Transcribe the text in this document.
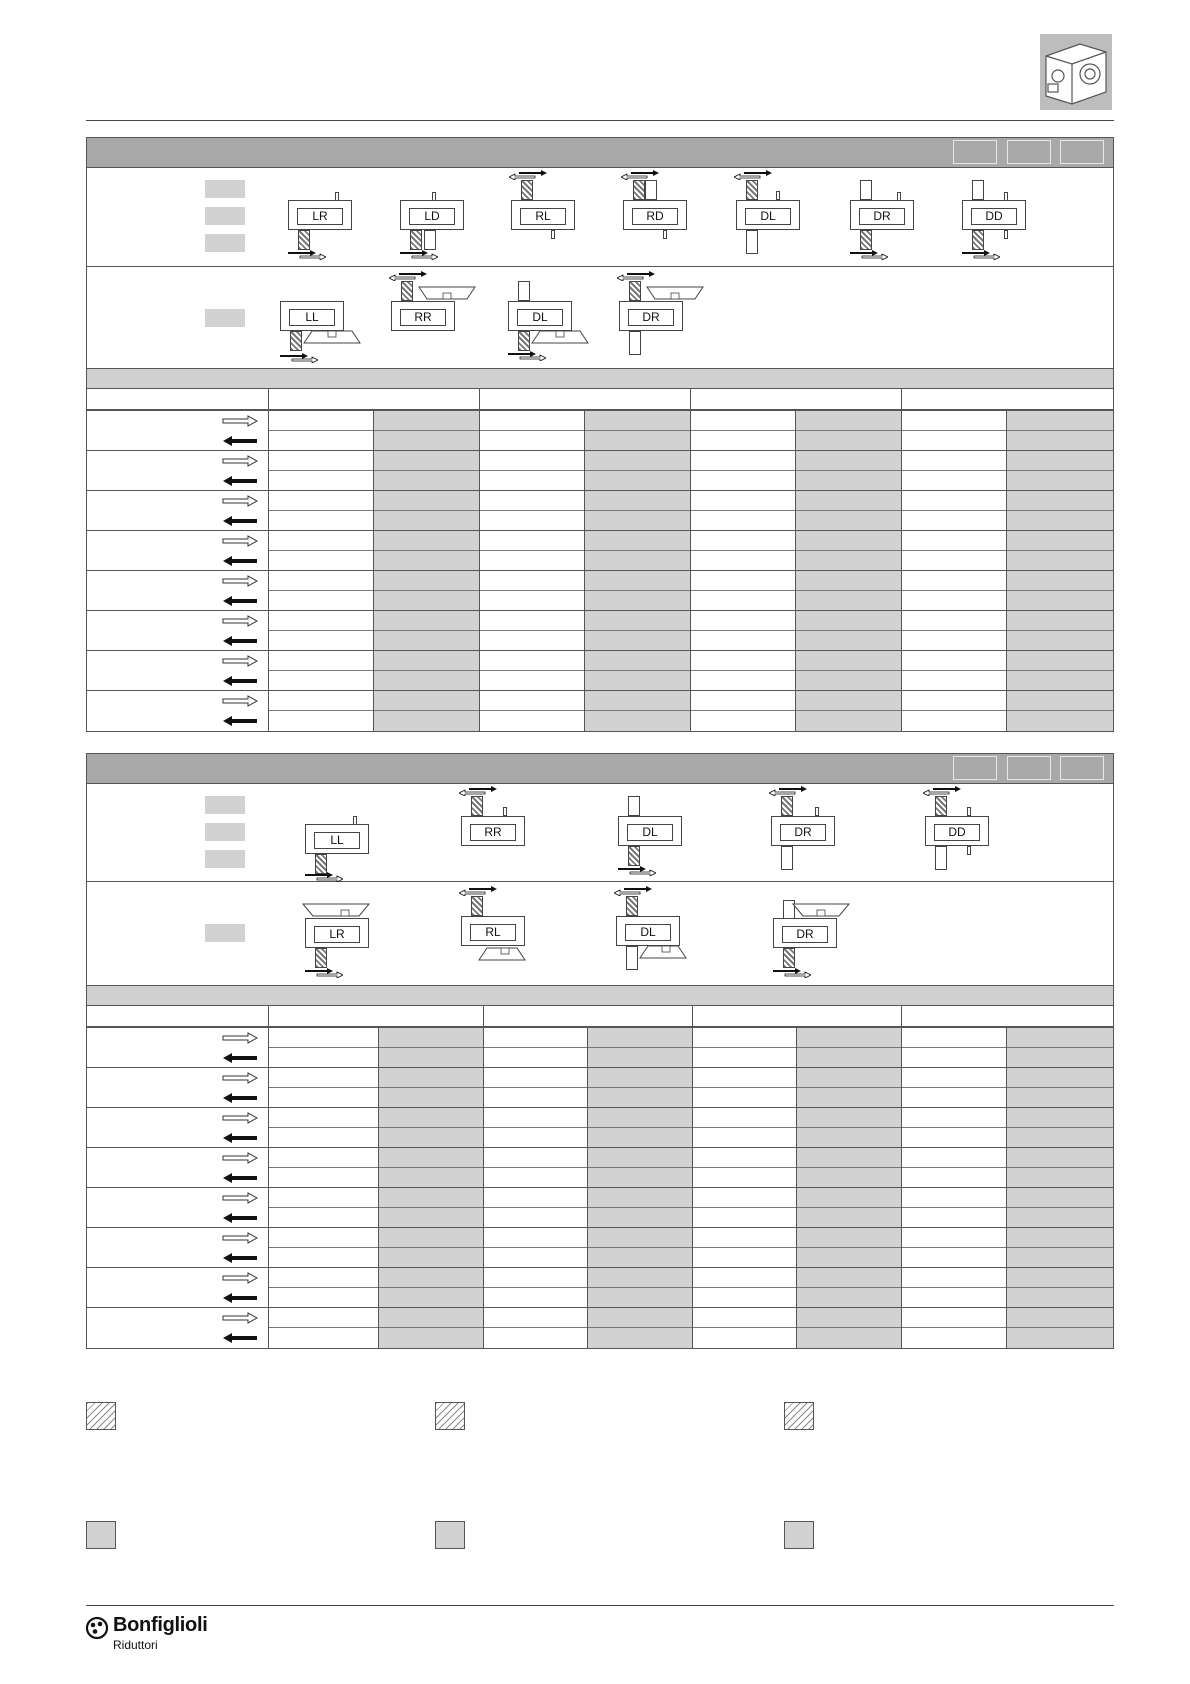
LR	LD	RL	RD	DL	DR	DD
LL	RR	DL	DR

LL
RR	DL	DR	DD
LR	RL	DL	DR

Bonfiglioli
Riduttori
